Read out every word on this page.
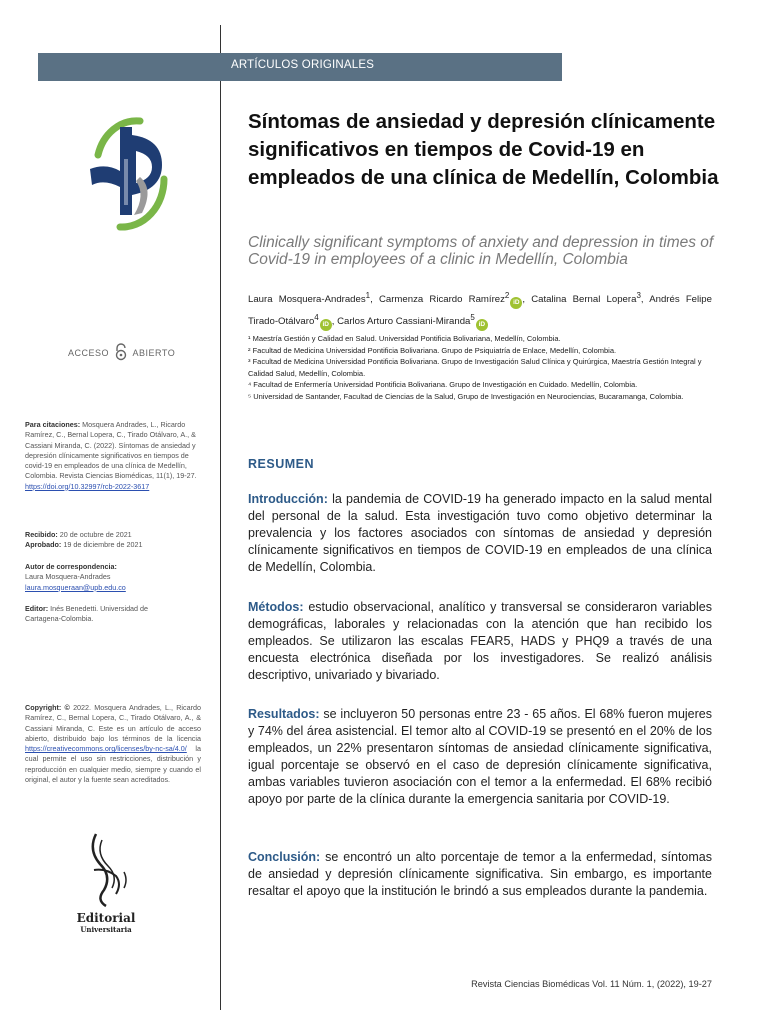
ARTÍCULOS ORIGINALES
ACCESO	ABIERTO

Para citaciones: Mosquera Andrades, L., Ricardo Ramírez, C., Bernal Lopera, C., Tirado Otálvaro, A., & Cassiani Miranda, C. (2022). Síntomas de ansiedad y depresión clínicamente significativos en tiempos de covid-19 en empleados de una clínica de Medellín, Colombia. Revista Ciencias Biomédicas, 11(1), 19-27. https://doi.org/10.32997/rcb-2022-3617

Recibido: 20 de octubre de 2021

Aprobado: 19 de diciembre de 2021

Autor de correspondencia:

Laura Mosquera-Andrades

laura.mosqueraan@upb.edu.co

Editor: Inés Benedetti. Universidad de Cartagena-Colombia.

Copyright: © 2022. Mosquera Andrades, L., Ricardo Ramírez, C., Bernal Lopera, C., Tirado Otálvaro, A., & Cassiani Miranda, C. Este es un artículo de acceso abierto, distribuido bajo los términos de la licencia https://creativecommons.org/licenses/by-nc-sa/4.0/ la cual permite el uso sin restricciones, distribución y reproducción en cualquier medio, siempre y cuando el original, el autor y la fuente sean acreditados.

Editorial
Universitaria
Síntomas de ansiedad y depresión clínicamente significativos en tiempos de Covid-19 en empleados de una clínica de Medellín, Colombia

Clinically significant symptoms of anxiety and depression in times of Covid-19 in employees of a clinic in Medellín, Colombia

Laura Mosquera-Andrades$^1$, Carmenza Ricardo Ramírez$^2$iD , Catalina Bernal Lopera$^3$, Andrés Felipe Tirado-Otálvaro$^4$iD , Carlos Arturo Cassiani-Miranda$^5$iD

¹ Maestría Gestión y Calidad en Salud. Universidad Pontificia Bolivariana, Medellín, Colombia.

² Facultad de Medicina Universidad Pontificia Bolivariana. Grupo de Psiquiatría de Enlace, Medellín, Colombia.

³ Facultad de Medicina Universidad Pontificia Bolivariana. Grupo de Investigación Salud Clínica y Quirúrgica, Maestría Gestión Integral y Calidad Salud, Medellín, Colombia.

⁴ Facultad de Enfermería Universidad Pontificia Bolivariana. Grupo de Investigación en Cuidado. Medellín, Colombia.

⁵ Universidad de Santander, Facultad de Ciencias de la Salud, Grupo de Investigación en Neurociencias, Bucaramanga, Colombia.

RESUMEN

Introducción: la pandemia de COVID-19 ha generado impacto en la salud mental del personal de la salud. Esta investigación tuvo como objetivo determinar la prevalencia y los factores asociados con síntomas de ansiedad y depresión clínicamente significativos en tiempos de COVID-19 en empleados de una clínica de Medellín, Colombia.

Métodos: estudio observacional, analítico y transversal se consideraron variables demográficas, laborales y relacionadas con la atención que han recibido los empleados. Se utilizaron las escalas FEAR5, HADS y PHQ9 a través de una encuesta electrónica diseñada por los investigadores. Se realizó análisis descriptivo, univariado y bivariado.

Resultados: se incluyeron 50 personas entre 23 - 65 años. El 68% fueron mujeres y 74% del área asistencial. El temor alto al COVID-19 se presentó en el 20% de los empleados, un 22% presentaron síntomas de ansiedad clínicamente significativa, igual porcentaje se observó en el caso de depresión clínicamente significativa, ambas variables tuvieron asociación con el temor a la enfermedad. El 68% recibió apoyo por parte de la clínica durante la emergencia sanitaria por COVID-19.

Conclusión: se encontró un alto porcentaje de temor a la enfermedad, síntomas de ansiedad y depresión clínicamente significativa. Sin embargo, es importante resaltar el apoyo que la institución le brindó a sus empleados durante la pandemia.

Revista Ciencias Biomédicas Vol. 11 Núm. 1, (2022), 19-27
